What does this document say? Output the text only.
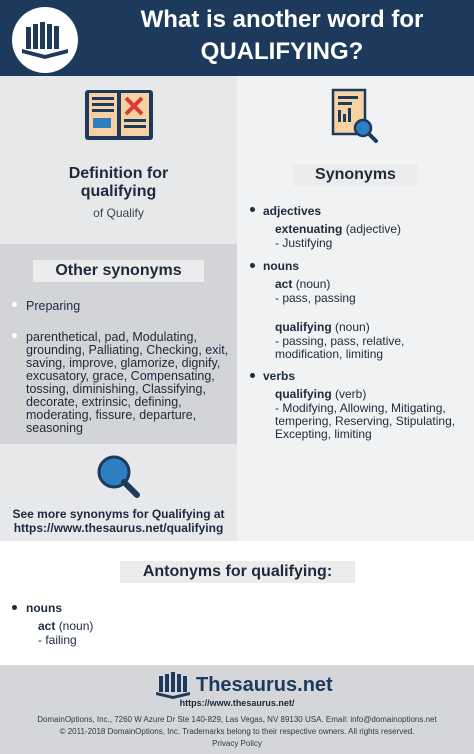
What is another word for
QUALIFYING?
Definition for
qualifying
of Qualify
Other synonyms
Preparing
parenthetical, pad, Modulating,
grounding, Palliating, Checking, exit,
saving, improve, glamorize, dignify,
excusatory, grace, Compensating,
tossing, diminishing, Classifying,
decorate, extrinsic, defining,
moderating, fissure, departure,
seasoning
See more synonyms for Qualifying at
https://www.thesaurus.net/qualifying
Synonyms
adjectives
extenuating (adjective)
- Justifying
nouns
act (noun)
- pass, passing
qualifying (noun)
- passing, pass, relative,
modification, limiting
verbs
qualifying (verb)
- Modifying, Allowing, Mitigating,
tempering, Reserving, Stipulating,
Excepting, limiting
Antonyms for qualifying:
nouns
act (noun)
- failing
Thesaurus.net
https://www.thesaurus.net/
DomainOptions, Inc., 7260 W Azure Dr Ste 140-829, Las Vegas, NV 89130 USA. Email: info@domainoptions.net
© 2011-2018 DomainOptions, Inc. Trademarks belong to their respective owners. All rights reserved.
Privacy Policy
